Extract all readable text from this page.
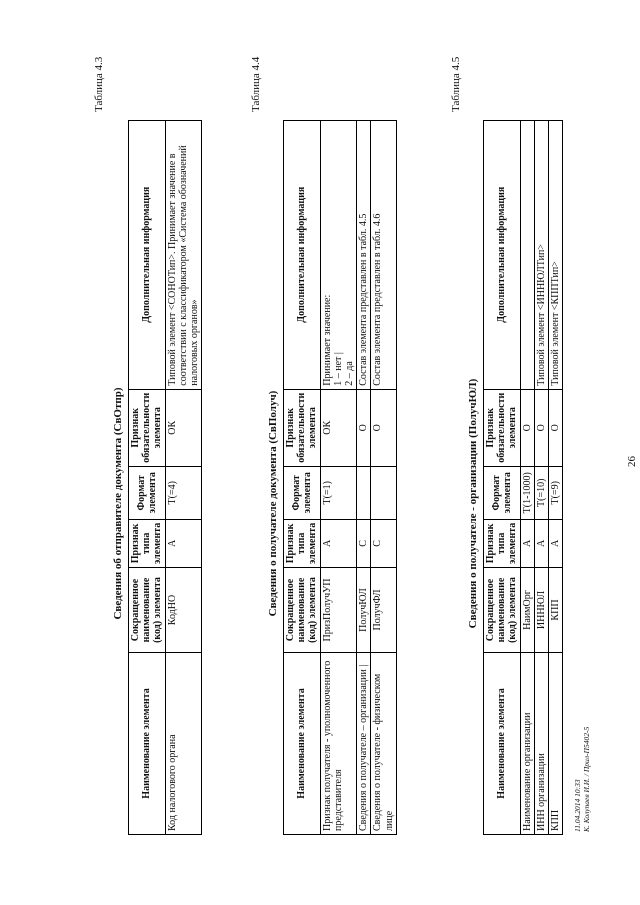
26
Таблица 4.3
Сведения об отправителе документа (СвОтпр)
Наименование элемента	Сокращенное наименование (код) элемента	Признак типа элемента	Формат элемента	Признак обязательности элемента	Дополнительная информация
Код налогового органа	КодНО	А	T(=4)	ОК	Типовой элемент <СОНОТип>. Принимает значение в соответствии с классификатором «Система обозначений налоговых органов»
Таблица 4.4
Сведения о получателе документа (СвПолуч)
Наименование элемента	Сокращенное наименование (код) элемента	Признак типа элемента	Формат элемента	Признак обязательности элемента	Дополнительная информация
Признак получателя - уполномоченного представителя	ПризПолучУП	А	T(=1)	ОК	Принимает значение: 1 – нет | 2 – да

Сведения о получателе – организации |	ПолучЮЛ	С		О	Состав элемента представлен в табл. 4.5
Сведения о получателе - физическом лице	ПолучФЛ	С		О	Состав элемента представлен в табл. 4.6
Таблица 4.5
Сведения о получателе - организации (ПолучЮЛ)
Наименование элемента	Сокращенное наименование (код) элемента	Признак типа элемента	Формат элемента	Признак обязательности элемента	Дополнительная информация
Наименование организации	НаимОрг	А	T(1-1000)	О	
ИНН организации	ИННЮЛ	А	T(=10)	О	Типовой элемент <ИННЮЛТип>
КПП	КПП	А	T(=9)	О	Типовой элемент <КППТип>
11.04.2014 10:33 К. Колупаев И.И. / Прил-П5402-5
